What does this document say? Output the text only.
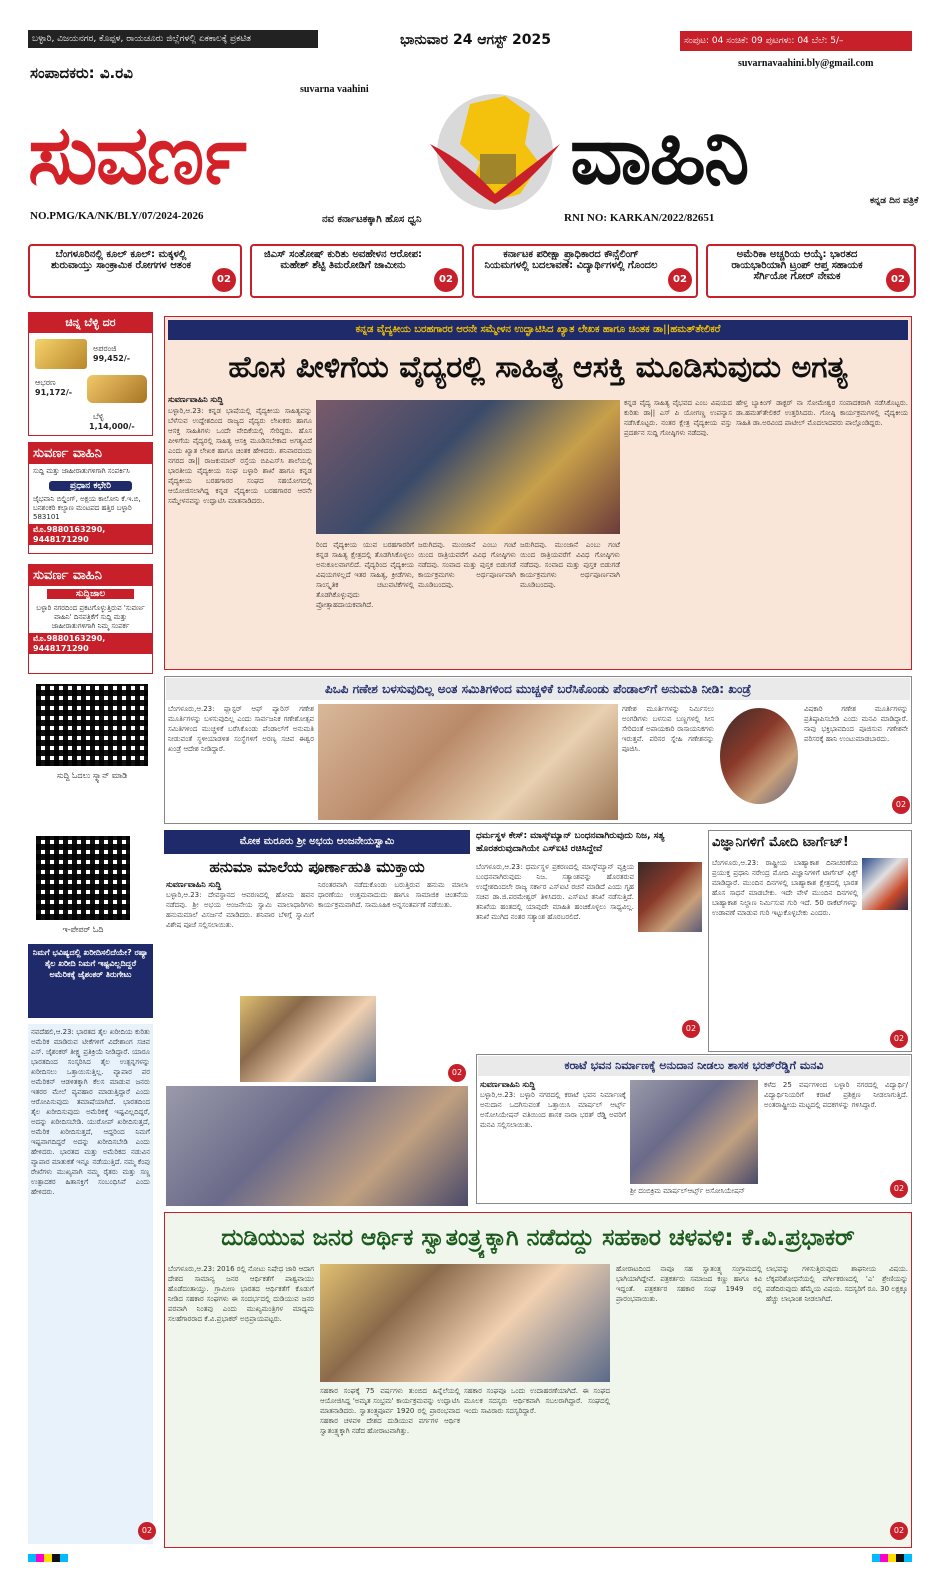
ಬಳ್ಳಾರಿ, ವಿಜಯನಗರ, ಕೊಪ್ಪಳ, ರಾಯಚೂರು ಜಿಲ್ಲೆಗಳಲ್ಲಿ ಏಕಕಾಲಕ್ಕೆ ಪ್ರಕಟಿತ	ಭಾನುವಾರ 24 ಆಗಸ್ಟ್ 2025	ಸಂಪುಟ: 04 ಸಂಚಿಕೆ: 09 ಪುಟಗಳು: 04 ಬೆಲೆ: 5/–
suvarnavaahini.bly@gmail.com
ಸಂಪಾದಕರು: ವಿ.ರವಿ
suvarna vaahini
ಸುವರ್ಣ	ವಾಹಿನಿ	ಕನ್ನಡ ದಿನ ಪತ್ರಿಕೆ
NO.PMG/KA/NK/BLY/07/2024-2026	ನವ ಕರ್ನಾಟಕಕ್ಕಾಗಿ ಹೊಸ ಧ್ವನಿ	RNI NO: KARKAN/2022/82651
ಬೆಂಗಳೂರಿನಲ್ಲಿ ಕೂಲ್ ಕೂಲ್: ಮಕ್ಕಳಲ್ಲಿ ಶುರುವಾಯ್ತು ಸಾಂಕ್ರಾಮಿಕ ರೋಗಗಳ ಆತಂಕ
02
ಜಿಎಸ್ ಸಂತೋಷ್ ಕುರಿತು ಅವಹೇಳನ ಆರೋಪ: ಮಹೇಶ್ ಶೆಟ್ಟಿ ತಿಮರೋಡಿಗೆ ಜಾಮೀನು
02
ಕರ್ನಾಟಕ ಪರೀಕ್ಷಾ ಪ್ರಾಧಿಕಾರದ ಕೌನ್ಸೆಲಿಂಗ್ ನಿಯಮಗಳಲ್ಲಿ ಬದಲಾವಣೆ: ವಿದ್ಯಾರ್ಥಿಗಳಲ್ಲಿ ಗೊಂದಲ
02
ಅಮೆರಿಕಾ ಅಚ್ಚರಿಯ ಆಯ್ಕೆ: ಭಾರತದ ರಾಯಭಾರಿಯಾಗಿ ಟ್ರಂಪ್ ಆಪ್ತ ಸಹಾಯಕ ಸೆರ್ಗಿಯೋ ಗೋರ್ ನೇಮಕ	02
ಚಿನ್ನ ಬೆಳ್ಳಿ ದರ
ಅಪರಂಜಿ
99,452/-
ಆಭರಣ
91,172/-
ಬೆಳ್ಳಿ
1,14,000/-
ಸುವರ್ಣ ವಾಹಿನಿ
ಸುದ್ದಿ ಮತ್ತು ಜಾಹೀರಾತುಗಳಿಗಾಗಿ ಸಂಪರ್ಕಿಸಿ
ಪ್ರಧಾನ ಕಛೇರಿ
ಜೈಭವಾನಿ ಬಿಲ್ಡಿಂಗ್, ಅಕ್ಷಯ ಕಾಲೋನಿ ಕೆ.ಇ.ಬಿ, ಬನಶಂಕರಿ ಕಲ್ಯಾಣ ಮಂಟಪದ ಹತ್ತಿರ ಬಳ್ಳಾರಿ 583101
ಮೊ.9880163290, 9448171290
ಸುವರ್ಣ ವಾಹಿನಿ
ಸುದ್ದಿಜಾಲ
ಬಳ್ಳಾರಿ ನಗರದಿಂದ ಪ್ರಕಟಗೊಳ್ಳುತ್ತಿರುವ 'ಸುವರ್ಣ ವಾಹಿನಿ' ದಿನಪತ್ರಿಕೆಗೆ ಸುದ್ದಿ ಮತ್ತು ಜಾಹೀರಾತುಗಳಿಗಾಗಿ ನಿಮ್ಮ ಸಂಪರ್ಕ
ಮೊ.9880163290, 9448171290
ಸುದ್ದಿ ಓದಲು ಸ್ಕ್ಯಾನ್ ಮಾಡಿ
ಇ-ಪೇಪರ್ ಓದಿ
ನಿಮಗೆ ಭವಿಷ್ಯದಲ್ಲಿ ಖರೀದಿಸಲಿದೆಯೇ? ರಷ್ಯಾ ತೈಲ ಖರೀದಿ ನಿಮಗೆ ಇಷ್ಟವಿಲ್ಲದಿದ್ದರೆ ಅಮೆರಿಕಕ್ಕೆ ಜೈಶಂಕರ್ ತಿರುಗೇಟು
ನವದೆಹಲಿ,ಆ.23: ಭಾರತದ ತೈಲ ಖರೀದಿಯ ಕುರಿತು ಅಮೆರಿಕ ಮಾಡಿರುವ ಟೀಕೆಗಳಿಗೆ ವಿದೇಶಾಂಗ ಸಚಿವ ಎಸ್. ಜೈಶಂಕರ್ ತೀಕ್ಷ್ಣ ಪ್ರತಿಕ್ರಿಯೆ ನೀಡಿದ್ದಾರೆ. ಯಾರೂ ಭಾರತದಿಂದ ಸಂಸ್ಕರಿಸಿದ ತೈಲ ಉತ್ಪನ್ನಗಳನ್ನು ಖರೀದಿಸಲು ಒತ್ತಾಯಿಸುತ್ತಿಲ್ಲ. ವ್ಯಾಪಾರ ಪರ ಅಮೆರಿಕನ್ ಆಡಳಿತಕ್ಕಾಗಿ ಕೆಲಸ ಮಾಡುವ ಜನರು ಇತರರ ಮೇಲೆ ವ್ಯವಹಾರ ಮಾಡುತ್ತಿದ್ದಾರೆ ಎಂದು ಆರೋಪಿಸುವುದು ತಮಾಷೆಯಾಗಿದೆ. ಭಾರತದಿಂದ ತೈಲ ಖರೀದಿಸುವುದು ಅಮೆರಿಕಕ್ಕೆ ಇಷ್ಟವಿಲ್ಲದಿದ್ದರೆ, ಅದನ್ನು ಖರೀದಿಸಬೇಡಿ. ಯುರೋಪ್ ಖರೀದಿಸುತ್ತದೆ, ಅಮೆರಿಕ ಖರೀದಿಸುತ್ತದೆ, ಆದ್ದರಿಂದ ನಿಮಗೆ ಇಷ್ಟವಾಗದಿದ್ದರೆ ಅದನ್ನು ಖರೀದಿಸಬೇಡಿ ಎಂದು ಹೇಳಿದರು. ಭಾರತದ ಮತ್ತು ಅಮೆರಿಕದ ನಡುವಿನ ವ್ಯಾಪಾರ ಮಾತುಕತೆ ಇನ್ನೂ ನಡೆಯುತ್ತಿದೆ. ನಮ್ಮ ಕೆಂಪು ರೇಖೆಗಳು ಮುಖ್ಯವಾಗಿ ನಮ್ಮ ರೈತರು ಮತ್ತು ಸಣ್ಣ ಉತ್ಪಾದಕರ ಹಿತಾಸಕ್ತಿಗೆ ಸಂಬಂಧಿಸಿವೆ ಎಂದು ಹೇಳಿದರು.
02
ಕನ್ನಡ ವೈದ್ಯಕೀಯ ಬರಹಗಾರರ ಆರನೇ ಸಮ್ಮೇಳನ ಉದ್ಘಾಟಿಸಿದ ಖ್ಯಾತ ಲೇಖಕ ಹಾಗೂ ಚಿಂತಕ ಡಾ||ಹಮತ್‌ತೇಲಿಕರೆ
ಹೊಸ ಪೀಳಿಗೆಯ ವೈದ್ಯರಲ್ಲಿ ಸಾಹಿತ್ಯ ಆಸಕ್ತಿ ಮೂಡಿಸುವುದು ಅಗತ್ಯ
ಸುವರ್ಣವಾಹಿನಿ ಸುದ್ದಿ
ಬಳ್ಳಾರಿ,ಆ.23: ಕನ್ನಡ ಭಾಷೆಯಲ್ಲಿ ವೈದ್ಯಕೀಯ ಸಾಹಿತ್ಯವನ್ನು ಬೆಳೆಸುವ ಉದ್ದೇಶದಿಂದ ರಾಜ್ಯದ ವೈದ್ಯರು ಲೇಖಕರು ಹಾಗೂ ಆಸಕ್ತ ಸಾಹಿತಿಗಳು ಒಂದೇ ವೇದಿಕೆಯಲ್ಲಿ ಸೇರಿದ್ದರು. ಹೊಸ ಪೀಳಿಗೆಯ ವೈದ್ಯರಲ್ಲಿ ಸಾಹಿತ್ಯ ಆಸಕ್ತಿ ಮೂಡಿಸಬೇಕಾದ ಅಗತ್ಯವಿದೆ ಎಂದು ಖ್ಯಾತ ಲೇಖಕ ಹಾಗೂ ಚಿಂತಕ ಹೇಳಿದರು. ಶನಿವಾರದಂದು ನಗರದ ಡಾ|| ರಾಜಕುಮಾರ್ ರಸ್ತೆಯ ಬಿಪಿಎಸ್‌ಸಿ ಶಾಲೆಯಲ್ಲಿ ಭಾರತೀಯ ವೈದ್ಯಕೀಯ ಸಂಘ ಬಳ್ಳಾರಿ ಶಾಖೆ ಹಾಗೂ ಕನ್ನಡ ವೈದ್ಯಕೀಯ ಬರಹಗಾರರ ಸಂಘದ ಸಹಯೋಗದಲ್ಲಿ ಆಯೋಜಿಸಲಾಗಿದ್ದ ಕನ್ನಡ ವೈದ್ಯಕೀಯ ಬರಹಗಾರರ ಆರನೇ ಸಮ್ಮೇಳನವನ್ನು ಉದ್ಘಾಟಿಸಿ ಮಾತನಾಡಿದರು.
ರಿಂದ ವೈದ್ಯಕೀಯ ಯುವ ಬರಹಗಾರರಿಗೆ ಕನ್ನಡ ಸಾಹಿತ್ಯ ಕ್ಷೇತ್ರದಲ್ಲಿ ತೊಡಗಿಸಿಕೊಳ್ಳಲು ಅನುಕೂಲವಾಗಲಿದೆ. ವೈದ್ಯರಿಂದ ವೈದ್ಯಕೀಯ ವಿಷಯಗಳಲ್ಲದೆ ಇತರ ಸಾಹಿತ್ಯ, ಕ್ರೀಡೆಗಳು, ಸಾಂಸ್ಕೃತಿಕ ಚಟುವಟಿಕೆಗಳಲ್ಲಿ ತೊಡಗಿಕೊಳ್ಳುವುದು ಪ್ರೋತ್ಸಾಹದಾಯಕವಾಗಿದೆ.
ಜರುಗಿದವು. ಮುಂಜಾನೆ ಎಂಬು ಗಂಟೆ ಯಿಂದ ರಾತ್ರಿಯವರೆಗೆ ವಿವಿಧ ಗೋಷ್ಠಿಗಳು ನಡೆದವು. ಸಂವಾದ ಮತ್ತು ಪುಸ್ತಕ ಬಿಡುಗಡೆ ಕಾರ್ಯಕ್ರಮಗಳು ಅರ್ಥಪೂರ್ಣವಾಗಿ ಮೂಡಿಬಂದವು.
ಜರುಗಿದವು. ಮುಂಜಾನೆ ಎಂಬು ಗಂಟೆ ಯಿಂದ ರಾತ್ರಿಯವರೆಗೆ ವಿವಿಧ ಗೋಷ್ಠಿಗಳು ನಡೆದವು. ಸಂವಾದ ಮತ್ತು ಪುಸ್ತಕ ಬಿಡುಗಡೆ ಕಾರ್ಯಕ್ರಮಗಳು ಅರ್ಥಪೂರ್ಣವಾಗಿ ಮೂಡಿಬಂದವು.
ಕನ್ನಡ ವೈದ್ಯ ಸಾಹಿತ್ಯ ವೈಭವದ ಎಂಬ ವಿಷಯದ ಕುರಿತು ಡಾ|| ಎಸ್ ಪಿ ಯೋಗಣ್ಣ ಉಪನ್ಯಾಸ ನಡೆಸಿಕೊಟ್ಟರು. ನಂತರ ಕ್ಷೇತ್ರ ವೈದ್ಯಕೀಯ ವಸ್ತು ಪ್ರದರ್ಶನ ಸುದ್ದಿ ಗೋಷ್ಠಿಗಳು ನಡೆದವು.
ಹೇಳ್ತ ಬ್ಯಾಕಿಂಗ್ ಡಾಕ್ಟರ್ ನಾ ಸೋಮೇಶ್ವರ ಸಂವಾದಕರಾಗಿ ನಡೆಸಿಕೊಟ್ಟರು. ಡಾ.ಹಮತ್‌ತೇಲಿಕರೆ ಉತ್ತರಿಸಿದರು. ಗೋಷ್ಠಿ ಕಾರ್ಯಕ್ರಮಗಳಲ್ಲಿ ವೈದ್ಯಕೀಯ ಸಾಹಿತಿ ಡಾ.ಅರವಿಂದ ಪಾಟೀಲ್ ಮೊದಲಾದವರು ಪಾಲ್ಗೊಂಡಿದ್ದರು.
ಪಿಒಪಿ ಗಣೇಶ ಬಳಸುವುದಿಲ್ಲ ಅಂತ ಸಮಿತಿಗಳಿಂದ ಮುಚ್ಚಳಿಕೆ ಬರೆಸಿಕೊಂಡು ಪೆಂಡಾಲ್‌ಗೆ ಅನುಮತಿ ನೀಡಿ: ಖಂಡ್ರೆ
ಬೆಂಗಳೂರು,ಆ.23: ಪ್ಲಾಸ್ಟರ್ ಆಫ್ ಪ್ಯಾರಿಸ್ ಗಣೇಶ ಮೂರ್ತಿಗಳನ್ನು ಬಳಸುವುದಿಲ್ಲ ಎಂದು ಸಾರ್ವಜನಿಕ ಗಣೇಶೋತ್ಸವ ಸಮಿತಿಗಳಿಂದ ಮುಚ್ಚಳಿಕೆ ಬರೆಸಿಕೊಂಡು ಪೆಂಡಾಲ್‌ಗೆ ಅನುಮತಿ ನೀಡುವಂತೆ ಸ್ಥಳೀಯಾಡಳಿತ ಸಂಸ್ಥೆಗಳಿಗೆ ಅರಣ್ಯ ಸಚಿವ ಈಶ್ವರ ಖಂಡ್ರೆ ಆದೇಶ ನೀಡಿದ್ದಾರೆ.
ಗಣೇಶ ಮೂರ್ತಿಗಳನ್ನು ನಿರ್ಮಿಸಲು ಅಂಗಡಿಗಳು ಬಳಸುವ ಬಣ್ಣಗಳಲ್ಲಿ ಸೀಸ ಸೇರಿದಂತೆ ಅಪಾಯಕಾರಿ ರಾಸಾಯನಿಕಗಳು ಇರುತ್ತವೆ. ಪರಿಸರ ಸ್ನೇಹಿ ಗಣೇಶನನ್ನು ಪೂಜಿಸಿ.
ವಿಷಕಾರಿ ಗಣೇಶ ಮೂರ್ತಿಗಳನ್ನು ಪ್ರತಿಷ್ಠಾಪಿಸಬೇಡಿ ಎಂದು ಮನವಿ ಮಾಡಿದ್ದಾರೆ. ನಾವು ಭಕ್ತಿಭಾವದಿಂದ ಪೂಜಿಸುವ ಗಣೇಶನೇ ಪರಿಸರಕ್ಕೆ ಹಾನಿ ಉಂಟುಮಾಡಬಾರದು.
02
ಮೋಕ ಮರೂರು ಶ್ರೀ ಅಭಯ ಆಂಜನೇಯಸ್ವಾಮಿ
ಹನುಮಾ ಮಾಲೆಯ ಪೂರ್ಣಾಹುತಿ ಮುಕ್ತಾಯ
ಸುವರ್ಣವಾಹಿನಿ ಸುದ್ದಿ
ಬಳ್ಳಾರಿ,ಆ.23: ದೇವಸ್ಥಾನದ ಆವರಣದಲ್ಲಿ ಹೋಮ ಹವನ ನಡೆದವು. ಶ್ರೀ ಅಭಯ ಆಂಜನೇಯ ಸ್ವಾಮಿ ಮಾಲಾಧಾರಿಗಳು ಹನುಮಮಾಲೆ ವಿಸರ್ಜನೆ ಮಾಡಿದರು. ಶನಿವಾರ ಬೆಳಿಗ್ಗೆ ಸ್ವಾಮಿಗೆ ವಿಶೇಷ ಪೂಜೆ ಸಲ್ಲಿಸಲಾಯಿತು.
ನಿರಂತರವಾಗಿ ನಡೆದುಕೊಂಡು ಬರುತ್ತಿರುವ ಹನುಮ ಮಾಲಾ ಧಾರಣೆಯು ಉತ್ತಮವಾದುದು ಹಾಗೂ ಸಾಮಾಜಿಕ ಚಿಂತನೆಯ ಕಾರ್ಯಕ್ರಮವಾಗಿದೆ. ಸಾಮೂಹಿಕ ಅನ್ನಸಂತರ್ಪಣೆ ನಡೆಯಿತು.
02
ಧರ್ಮಸ್ಥಳ ಕೇಸ್: ಮಾಸ್ಕ್‌ಮ್ಯಾನ್ ಬಂಧನವಾಗಿರುವುದು ನಿಜ, ಸತ್ಯ ಹೊರತರುವುದಾಗಿಯೇ ಎಸ್‌ಐಟಿ ರಚಿಸಿದ್ದೇವೆ
ಬೆಂಗಳೂರು,ಆ.23: ಧರ್ಮಸ್ಥಳ ಪ್ರಕರಣದಲ್ಲಿ ಮಾಸ್ಕ್‌ಮ್ಯಾನ್ ವ್ಯಕ್ತಿಯ ಬಂಧನವಾಗಿರುವುದು ನಿಜ. ಸತ್ಯಾಂಶವನ್ನು ಹೊರತರುವ ಉದ್ದೇಶದಿಂದಲೇ ರಾಜ್ಯ ಸರ್ಕಾರ ಎಸ್‌ಐಟಿ ರಚನೆ ಮಾಡಿದೆ ಎಂದು ಗೃಹ ಸಚಿವ ಡಾ.ಜಿ.ಪರಮೇಶ್ವರ್ ತಿಳಿಸಿದರು. ಎಸ್‌ಐಟಿ ತನಿಖೆ ನಡೆಸುತ್ತಿದೆ. ತನಿಖೆಯ ಹಂತದಲ್ಲಿ ಯಾವುದೇ ಮಾಹಿತಿ ಹಂಚಿಕೊಳ್ಳಲು ಸಾಧ್ಯವಿಲ್ಲ. ತನಿಖೆ ಮುಗಿದ ನಂತರ ಸತ್ಯಾಂಶ ಹೊರಬರಲಿದೆ.
02
ವಿಜ್ಞಾನಿಗಳಿಗೆ ಮೋದಿ ಟಾರ್ಗೆಟ್!
ಬೆಂಗಳೂರು,ಆ.23: ರಾಷ್ಟ್ರೀಯ ಬಾಹ್ಯಾಕಾಶ ದಿನಾಚರಣೆಯ ಪ್ರಯುಕ್ತ ಪ್ರಧಾನಿ ನರೇಂದ್ರ ಮೋದಿ ವಿಜ್ಞಾನಿಗಳಿಗೆ ಟಾರ್ಗೆಟ್ ಫಿಕ್ಸ್ ಮಾಡಿದ್ದಾರೆ. ಮುಂದಿನ ದಿನಗಳಲ್ಲಿ ಬಾಹ್ಯಾಕಾಶ ಕ್ಷೇತ್ರದಲ್ಲಿ ಭಾರತ ಹೊಸ ಸಾಧನೆ ಮಾಡಬೇಕು. ಇದೇ ವೇಳೆ ಮುಂದಿನ ದಿನಗಳಲ್ಲಿ ಬಾಹ್ಯಾಕಾಶ ನಿಲ್ದಾಣ ನಿರ್ಮಿಸುವ ಗುರಿ ಇದೆ. 50 ರಾಕೆಟ್‌ಗಳನ್ನು ಉಡಾವಣೆ ಮಾಡುವ ಗುರಿ ಇಟ್ಟುಕೊಳ್ಳಬೇಕು ಎಂದರು.
02
ಕರಾಟೆ ಭವನ ನಿರ್ಮಾಣಕ್ಕೆ ಅನುದಾನ ನೀಡಲು ಶಾಸಕ ಭರತ್‌ರೆಡ್ಡಿಗೆ ಮನವಿ
ಸುವರ್ಣವಾಹಿನಿ ಸುದ್ದಿ
ಬಳ್ಳಾರಿ,ಆ.23: ಬಳ್ಳಾರಿ ನಗರದಲ್ಲಿ ಕರಾಟೆ ಭವನ ನಿರ್ಮಾಣಕ್ಕೆ ಅನುದಾನ ಒದಗಿಸುವಂತೆ ಒತ್ತಾಯಿಸಿ ಮಾರ್ಷಲ್ ಆರ್ಟ್ಸ್ ಅಸೋಸಿಯೇಷನ್ ವತಿಯಿಂದ ಶಾಸಕ ನಾರಾ ಭರತ್ ರೆಡ್ಡಿ ಅವರಿಗೆ ಮನವಿ ಸಲ್ಲಿಸಲಾಯಿತು.
ಶ್ರೀ ದಂಬಿಕ್ರಿಮ ಮಾರ್ಷಲ್‌ಆರ್ಟ್ಸ್ ಅಸೋಸಿಯೇಷನ್
ಕಳೆದ 25 ವರ್ಷಗಳಿಂದ ಬಳ್ಳಾರಿ ನಗರದಲ್ಲಿ ವಿದ್ಯಾರ್ಥಿ/ವಿದ್ಯಾರ್ಥಿನಿಯರಿಗೆ ಕರಾಟೆ ಪ್ರಶಿಕ್ಷಣ ನೀಡಲಾಗುತ್ತಿದೆ. ಅಂತರಾಷ್ಟ್ರೀಯ ಮಟ್ಟದಲ್ಲಿ ಪದಕಗಳನ್ನು ಗಳಿಸಿದ್ದಾರೆ.
02
ದುಡಿಯುವ ಜನರ ಆರ್ಥಿಕ ಸ್ವಾತಂತ್ರ್ಯಕ್ಕಾಗಿ ನಡೆದದ್ದು ಸಹಕಾರ ಚಳವಳಿ: ಕೆ.ವಿ.ಪ್ರಭಾಕರ್
ಬೆಂಗಳೂರು,ಆ.23: 2016 ರಲ್ಲಿ ನೋಟು ನಿಷೇಧ ಜಾರಿ ಆದಾಗ ದೇಶದ ಸಾಮಾನ್ಯ ಜನರ ಆರ್ಥಿಕತೆಗೆ ಪಾಶ್ವವಾಯು ಹೊಡೆದಂತಾಯ್ತು. ಗ್ರಾಮೀಣ ಭಾರತದ ಆರ್ಥಿಕತೆಗೆ ಕೊಡುಗೆ ನೀಡಿದ ಸಹಕಾರ ಸಂಘಗಳು ಈ ಸಂದರ್ಭದಲ್ಲಿ ದುಡಿಯುವ ಜನರ ಪರವಾಗಿ ನಿಂತವು ಎಂದು ಮುಖ್ಯಮಂತ್ರಿಗಳ ಮಾಧ್ಯಮ ಸಲಹೆಗಾರರಾದ ಕೆ.ವಿ.ಪ್ರಭಾಕರ್ ಅಭಿಪ್ರಾಯಪಟ್ಟರು.
ಸಹಕಾರ ಸಂಘಕ್ಕೆ 75 ವರ್ಷಗಳು ತುಂಬಿದ ಹಿನ್ನೆಲೆಯಲ್ಲಿ ಆಯೋಜಿಸಿದ್ದ 'ಅಮೃತ ಸಂಭ್ರಮ' ಕಾರ್ಯಕ್ರಮವನ್ನು ಉದ್ಘಾಟಿಸಿ ಮಾತನಾಡಿದರು. ಸ್ವಾತಂತ್ರ್ಯಪೂರ್ವ 1920 ರಲ್ಲಿ ಪ್ರಾರಂಭವಾದ ಸಹಕಾರ ಚಳವಳಿ ದೇಶದ ದುಡಿಯುವ ವರ್ಗಗಳ ಆರ್ಥಿಕ ಸ್ವಾತಂತ್ರ್ಯಕ್ಕಾಗಿ ನಡೆದ ಹೋರಾಟವಾಗಿತ್ತು.
ಸಹಕಾರ ಸಂಘವೂ ಒಂದು ಉದಾಹರಣೆಯಾಗಿದೆ. ಈ ಸಂಘದ ಮೂಲಕ ಸದಸ್ಯರು ಆರ್ಥಿಕವಾಗಿ ಸಬಲರಾಗಿದ್ದಾರೆ. ಸಂಘದಲ್ಲಿ ಇಂದು ಸಾವಿರಾರು ಸದಸ್ಯರಿದ್ದಾರೆ.
ಹೋರಾಟದಿಂದ ನಾವೂ ಸಹ ಸ್ವಾತಂತ್ರ್ಯ ಸಂಗ್ರಾಮದಲ್ಲಿ ಭಾಗಿಯಾಗಿದ್ದೇವೆ. ಪತ್ರಕರ್ತರು ಸಮಾಜದ ಕಣ್ಣು ಹಾಗೂ ಕಿವಿ ಇದ್ದಂತೆ. ಪತ್ರಕರ್ತರ ಸಹಕಾರ ಸಂಘ 1949 ರಲ್ಲಿ ಪ್ರಾರಂಭವಾಯಿತು.
ಲಾಭವನ್ನು ಗಳಿಸುತ್ತಿರುವುದು ಶಾಘನೀಯ ವಿಷಯ. ಲೆಕ್ಕಪರಿಶೋಧನೆಯಲ್ಲಿ ವರ್ಗೀಕರಣದಲ್ಲಿ 'ಎ' ಶ್ರೇಣಿಯನ್ನು ಪಡೆದಿರುವುದು ಹೆಮ್ಮೆಯ ವಿಷಯ. ಸದಸ್ಯರಿಗೆ ರೂ. 30 ಲಕ್ಷಕ್ಕೂ ಹೆಚ್ಚು ಲಾಭಾಂಶ ನೀಡಲಾಗಿದೆ.
02
